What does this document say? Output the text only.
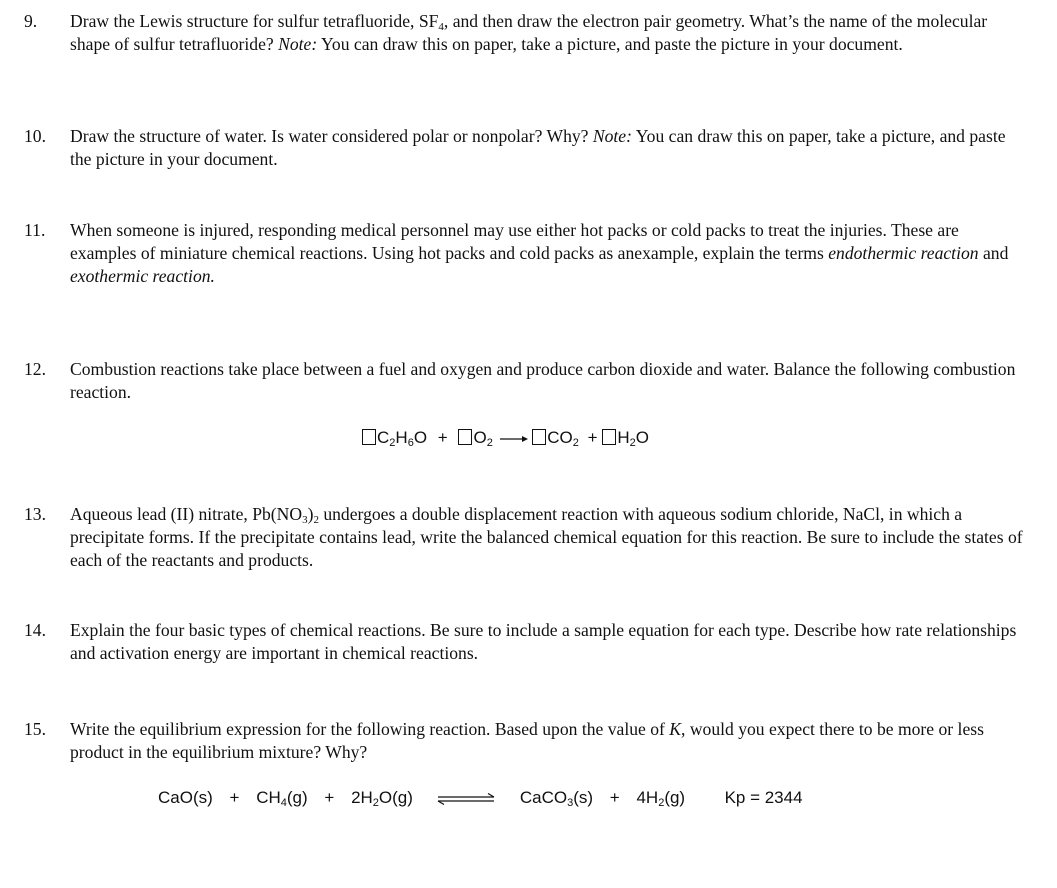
9. Draw the Lewis structure for sulfur tetrafluoride, $SF_4$, and then draw the electron pair geometry. What’s the name of the molecular shape of sulfur tetrafluoride? Note: You can draw this on paper, take a picture, and paste the picture in your document.

10. Draw the structure of water. Is water considered polar or nonpolar? Why? Note: You can draw this on paper, take a picture, and paste the picture in your document.

11. When someone is injured, responding medical personnel may use either hot packs or cold packs to treat the injuries. These are examples of miniature chemical reactions. Using hot packs and cold packs as anexample, explain the terms endothermic reaction and exothermic reaction.

12. Combustion reactions take place between a fuel and oxygen and produce carbon dioxide and water. Balance the following combustion reaction.

$C_2H_6O + O_2 \to CO_2 + H_2O$
13. Aqueous lead (II) nitrate, $Pb(NO_3)_2$ undergoes a double displacement reaction with aqueous sodium chloride, NaCl, in which a precipitate forms. If the precipitate contains lead, write the balanced chemical equation for this reaction. Be sure to include the states of each of the reactants and products.

14. Explain the four basic types of chemical reactions. Be sure to include a sample equation for each type. Describe how rate relationships and activation energy are important in chemical reactions.

15. Write the equilibrium expression for the following reaction. Based upon the value of K, would you expect there to be more or less product in the equilibrium mixture? Why?

$CaO(s) + CH_4(g) + 2H_2O(g)$ ⇌ CaCO$_3$(s) + $4H_2(g) Kp = 2344$
